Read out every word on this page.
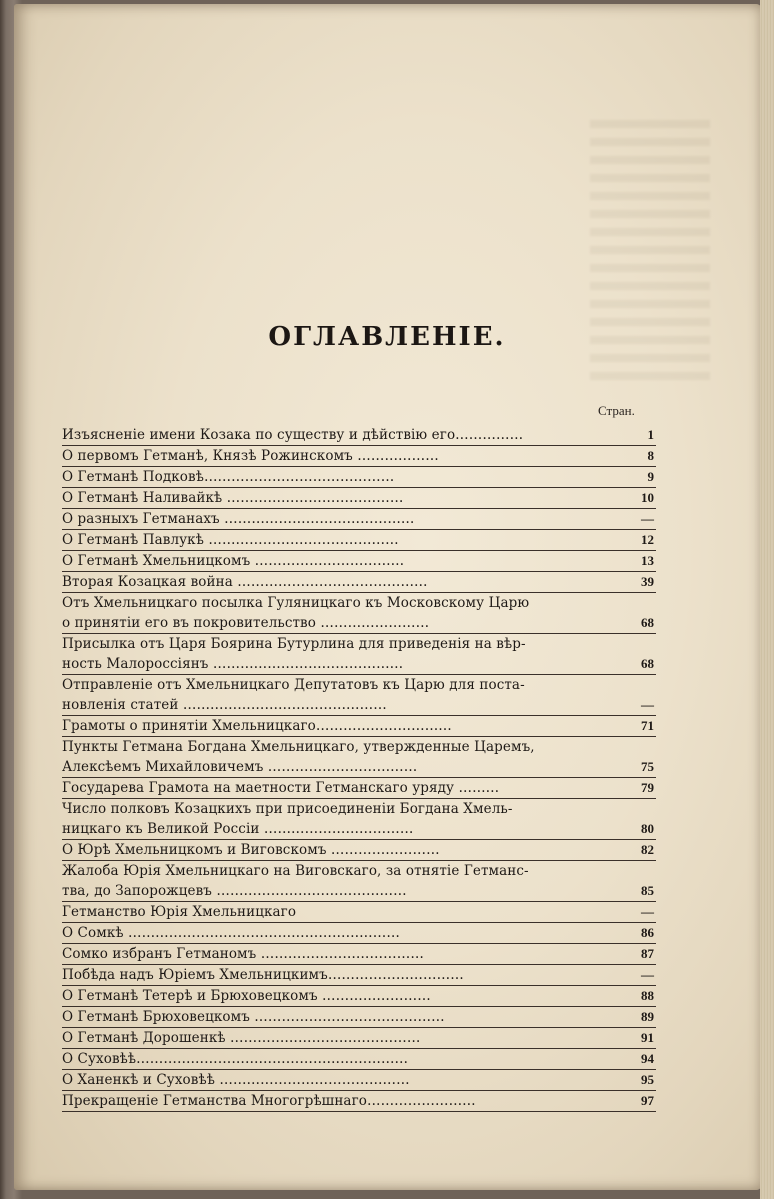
ОГЛАВЛЕНІЕ.
Стран.
Изъясненіе имени Козака по существу и дѣйствію его……………	1
О первомъ Гетманѣ, Князѣ Рожинскомъ ………………	8
О Гетманѣ Подковѣ……………………………………	9
О Гетманѣ Наливайкѣ …………………………………	10
О разныхъ Гетманахъ ……………………………………	—
О Гетманѣ Павлукѣ ……………………………………	12
О Гетманѣ Хмельницкомъ ……………………………	13
Вторая Козацкая война ……………………………………	39
Отъ Хмельницкаго посылка Гуляницкаго къ Московскому Царю
о принятіи его въ покровительство ……………………	68
Присылка отъ Царя Боярина Бутурлина для приведенія на вѣр-
ность Малороссіянъ ……………………………………	68
Отправленіе отъ Хмельницкаго Депутатовъ къ Царю для поста-
новленія статей ………………………………………	—
Грамоты о принятіи Хмельницкаго…………………………	71
Пункты Гетмана Богдана Хмельницкаго, утвержденные Царемъ,
Алексѣемъ Михайловичемъ ……………………………	75
Государева Грамота на маетности Гетманскаго уряду ………	79
Число полковъ Козацкихъ при присоединеніи Богдана Хмель-
ницкаго къ Великой Россіи ……………………………	80
О Юрѣ Хмельницкомъ и Виговскомъ ……………………	82
Жалоба Юрія Хмельницкаго на Виговскаго, за отнятіе Гетманс-
тва, до Запорожцевъ ……………………………………	85
Гетманство Юрія Хмельницкаго	—
О Сомкѣ ……………………………………………………	86
Сомко избранъ Гетманомъ ………………………………	87
Побѣда надъ Юріемъ Хмельницкимъ…………………………	—
О Гетманѣ Тетерѣ и Брюховецкомъ ……………………	88
О Гетманѣ Брюховецкомъ ……………………………………	89
О Гетманѣ Дорошенкѣ ……………………………………	91
О Суховѣѣ……………………………………………………	94
О Ханенкѣ и Суховѣѣ ……………………………………	95
Прекращеніе Гетманства Многогрѣшнаго……………………	97
